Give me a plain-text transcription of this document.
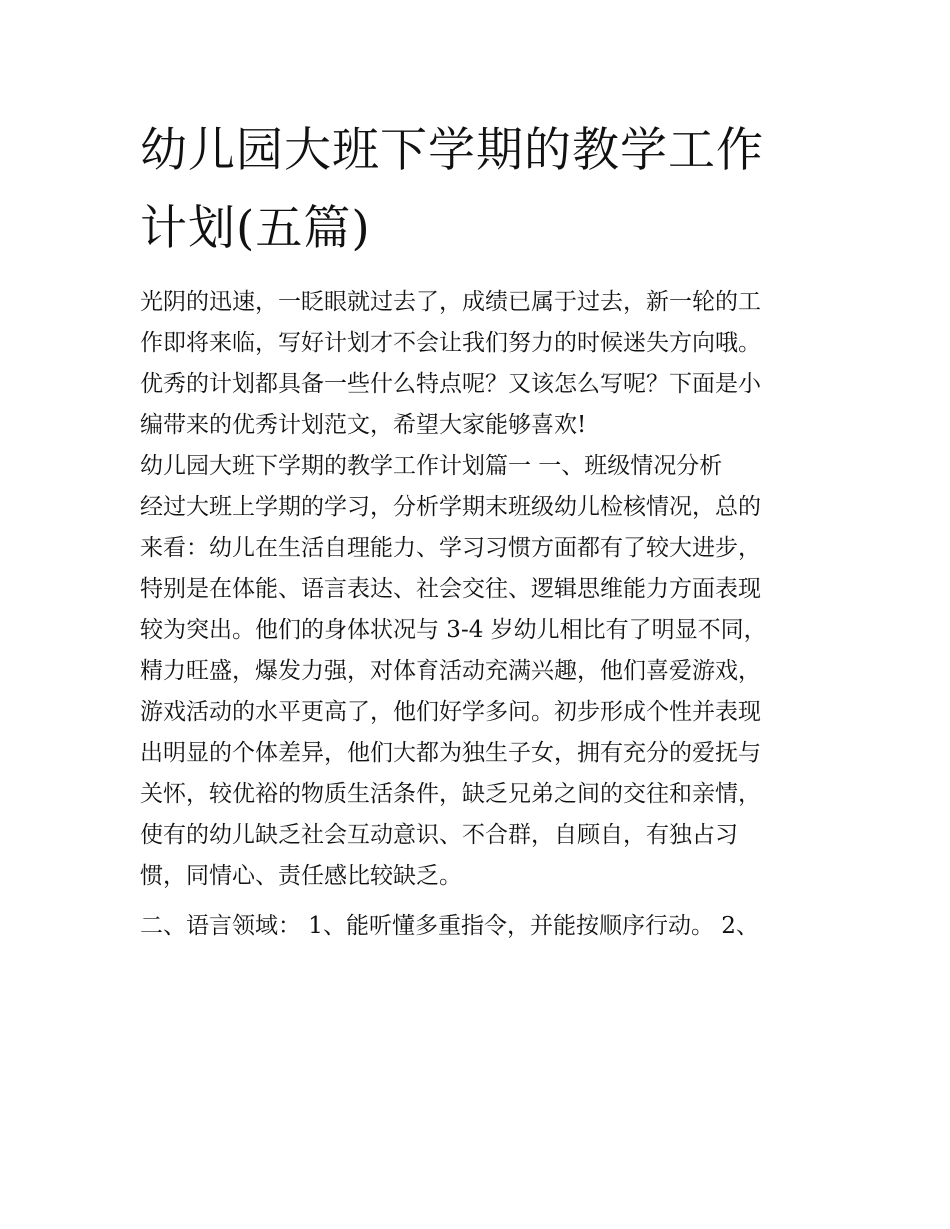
幼儿园大班下学期的教学工作
计划(五篇)

光阴的迅速，一眨眼就过去了，成绩已属于过去，新一轮的工

作即将来临，写好计划才不会让我们努力的时候迷失方向哦。

优秀的计划都具备一些什么特点呢？又该怎么写呢？下面是小

编带来的优秀计划范文，希望大家能够喜欢!

幼儿园大班下学期的教学工作计划篇一 一、班级情况分析

经过大班上学期的学习，分析学期末班级幼儿检核情况，总的

来看：幼儿在生活自理能力、学习习惯方面都有了较大进步，

特别是在体能、语言表达、社会交往、逻辑思维能力方面表现

较为突出。他们的身体状况与 3-4 岁幼儿相比有了明显不同，

精力旺盛，爆发力强，对体育活动充满兴趣，他们喜爱游戏，

游戏活动的水平更高了，他们好学多问。初步形成个性并表现

出明显的个体差异，他们大都为独生子女，拥有充分的爱抚与

关怀，较优裕的物质生活条件，缺乏兄弟之间的交往和亲情，

使有的幼儿缺乏社会互动意识、不合群，自顾自，有独占习

惯，同情心、责任感比较缺乏。

二、语言领域： 1、能听懂多重指令，并能按顺序行动。 2、
